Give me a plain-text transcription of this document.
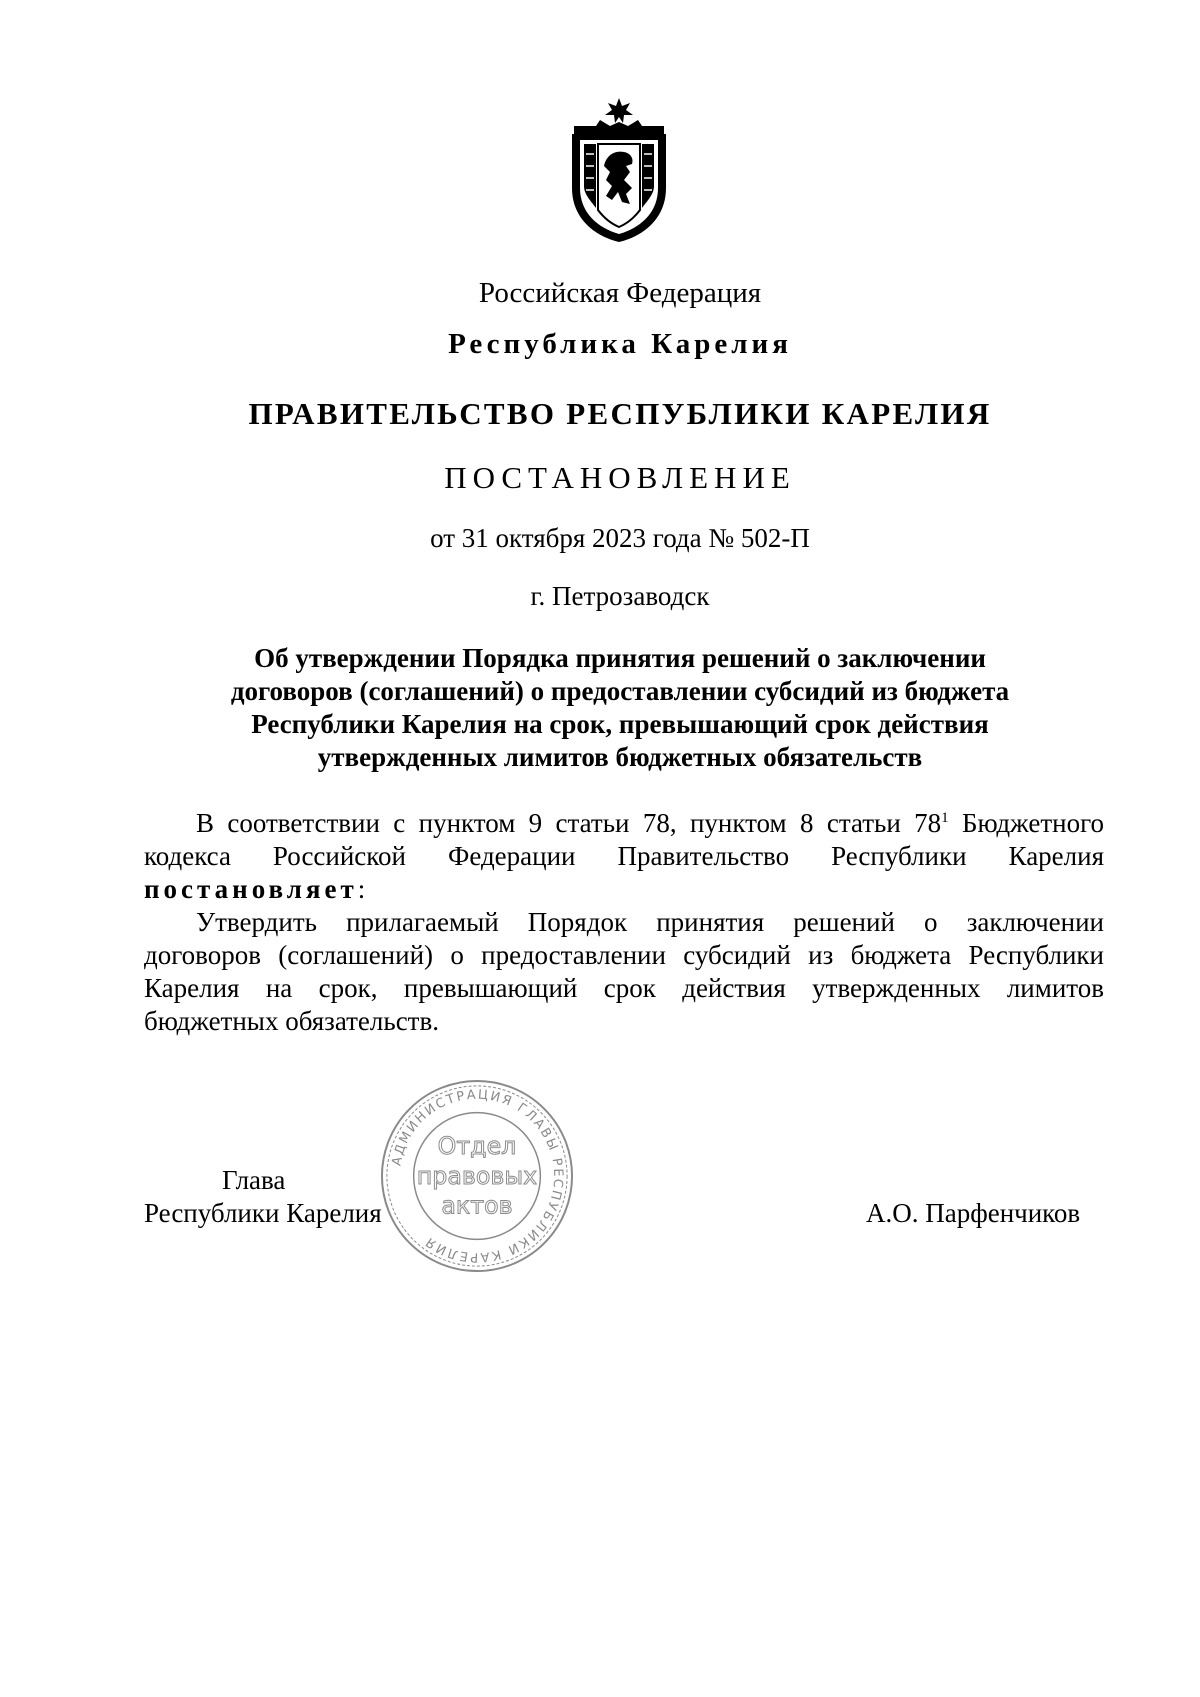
Российская Федерация
Республика Карелия
ПРАВИТЕЛЬСТВО РЕСПУБЛИКИ КАРЕЛИЯ
ПОСТАНОВЛЕНИЕ
от 31 октября 2023 года № 502-П
г. Петрозаводск
Об утверждении Порядка принятия решений о заключении
договоров (соглашений) о предоставлении субсидий из бюджета
Республики Карелия на срок, превышающий срок действия
утвержденных лимитов бюджетных обязательств
В соответствии с пунктом 9 статьи 78, пунктом 8 статьи $78^1$ Бюджетного
кодекса Российской Федерации Правительство Республики Карелия
постановляет:
Утвердить прилагаемый Порядок принятия решений о заключении
договоров (соглашений) о предоставлении субсидий из бюджета Республики
Карелия на срок, превышающий срок действия утвержденных лимитов
бюджетных обязательств.
АДМИНИСТРАЦИЯ ГЛАВЫ РЕСПУБЛИКИ КАРЕЛИЯ
Отдел
правовых
актов
Глава
Республики Карелия	А.О. Парфенчиков
